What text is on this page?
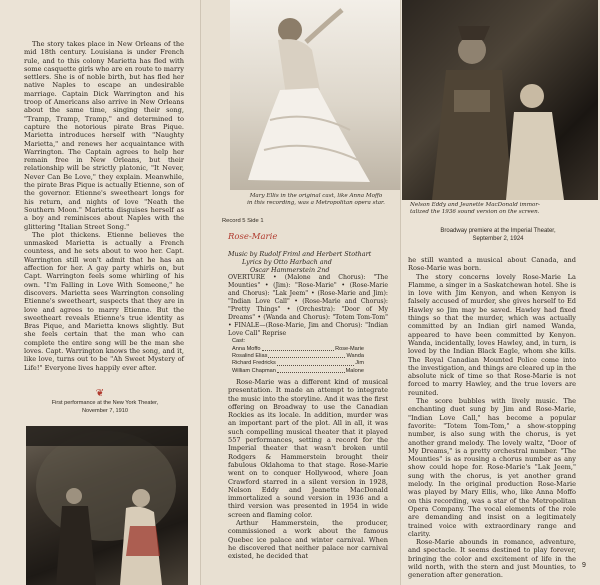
The story takes place in New Orleans of the mid 18th century. Louisiana is under French rule, and to this colony Marietta has fled with some casquette girls who are en route to marry settlers. She is of noble birth, but has fled her native Naples to escape an undesirable marriage. Captain Dick Warrington and his troop of Americans also arrive in New Orleans about the same time, singing their song, "Tramp, Tramp, Tramp," and determined to capture the notorious pirate Bras Pique. Marietta introduces herself with "Naughty Marietta," and renews her acquaintance with Warrington. The Captain agrees to help her remain free in New Orleans, but their relationship will be strictly platonic, "It Never, Never Can Be Love," they explain. Meanwhile, the pirate Bras Pique is actually Etienne, son of the governor. Etienne's sweetheart longs for his return, and nights of love "Neath the Southern Moon." Marietta disguises herself as a boy and reminisces about Naples with the glittering "Italian Street Song."

The plot thickens. Etienne believes the unmasked Marietta is actually a French countess, and he sets about to woo her. Capt. Warrington still won't admit that he has an affection for her. A gay party whirls on, but Capt. Warrington feels some whirling of his own. "I'm Falling in Love With Someone," he discovers. Marietta sees Warrington consoling Etienne's sweetheart, suspects that they are in love and agrees to marry Etienne. But the sweetheart reveals Etienne's true identity as Bras Pique, and Marietta knows slightly. But she feels certain that the man who can complete the entire song will be the man she loves. Capt. Warrington knows the song, and it, like love, turns out to be "Ah Sweet Mystery of Life!" Everyone lives happily ever after.

❦
First performance at the New York Theater,
November 7, 1910
Mary Ellis in the original cast, like Anna Moffo
in this recording, was a Metropolitan opera star.
Record 5 Side 1
Rose-Marie
Music by Rudolf Friml and Herbert Stothart
Lyrics by Otto Harbach and
Oscar Hammerstein 2nd
OVERTURE • (Malone and Chorus): "The Mounties" • (Jim): "Rose-Marie" • (Rose-Marie and Chorus): "Lak Jeem" • (Rose-Marie and Jim): "Indian Love Call" • (Rose-Marie and Chorus): "Pretty Things" • (Orchestra): "Door of My Dreams" • (Wanda and Chorus): "Totem Tom-Tom" • FINALE—(Rose-Marie, Jim and Chorus): "Indian Love Call" Reprise
Cast:
Anna Moffo	Rose-Marie
Rosalind Elias	Wanda
Richard Fredricks	Jim
William Chapman	Malone

Rose-Marie was a different kind of musical presentation. It made an attempt to integrate the music into the storyline. And it was the first offering on Broadway to use the Canadian Rockies as its locale. In addition, murder was an important part of the plot. All in all, it was such compelling musical theater that it played 557 performances, setting a record for the Imperial theater that wasn't broken until Rodgers & Hammerstein brought their fabulous Oklahoma to that stage. Rose-Marie went on to conquer Hollywood, where Joan Crawford starred in a silent version in 1928, Nelson Eddy and Jeanette MacDonald immortalized a sound version in 1936 and a third version was presented in 1954 in wide screen and flaming color.

Arthur Hammerstein, the producer, commissioned a work about the famous Quebec ice palace and winter carnival. When he discovered that neither palace nor carnival existed, he decided that

Nelson Eddy and Jeanette MacDonald immor-
talized the 1936 sound version on the screen.
Broadway premiere at the Imperial Theater,
September 2, 1924

he still wanted a musical about Canada, and Rose-Marie was born.

The story concerns lovely Rose-Marie La Flamme, a singer in a Saskatchewan hotel. She is in love with Jim Kenyon, and when Kenyon is falsely accused of murder, she gives herself to Ed Hawley so Jim may be saved. Hawley had fixed things so that the murder, which was actually committed by an Indian girl named Wanda, appeared to have been committed by Kenyon. Wanda, incidentally, loves Hawley, and, in turn, is loved by the Indian Black Eagle, whom she kills. The Royal Canadian Mounted Police come into the investigation, and things are cleared up in the absolute nick of time so that Rose-Marie is not forced to marry Hawley, and the true lovers are reunited.

The score bubbles with lively music. The enchanting duet sung by Jim and Rose-Marie, "Indian Love Call," has become a popular favorite: "Totem Tom-Tom," a show-stopping number, is also sung with the chorus, is yet another grand melody. The lovely waltz, "Door of My Dreams," is a pretty orchestral number. "The Mounties" is as rousing a chorus number as any show could hope for. Rose-Marie's "Lak Jeem," sung with the chorus, is yet another grand melody. In the original production Rose-Marie was played by Mary Ellis, who, like Anna Moffo on this recording, was a star of the Metropolitan Opera Company. The vocal elements of the role are demanding and insist on a legitimately trained voice with extraordinary range and clarity.

Rose-Marie abounds in romance, adventure, and spectacle. It seems destined to play forever, bringing the color and excitement of life in the wild north, with the stern and just Mounties, to generation after generation.

9
